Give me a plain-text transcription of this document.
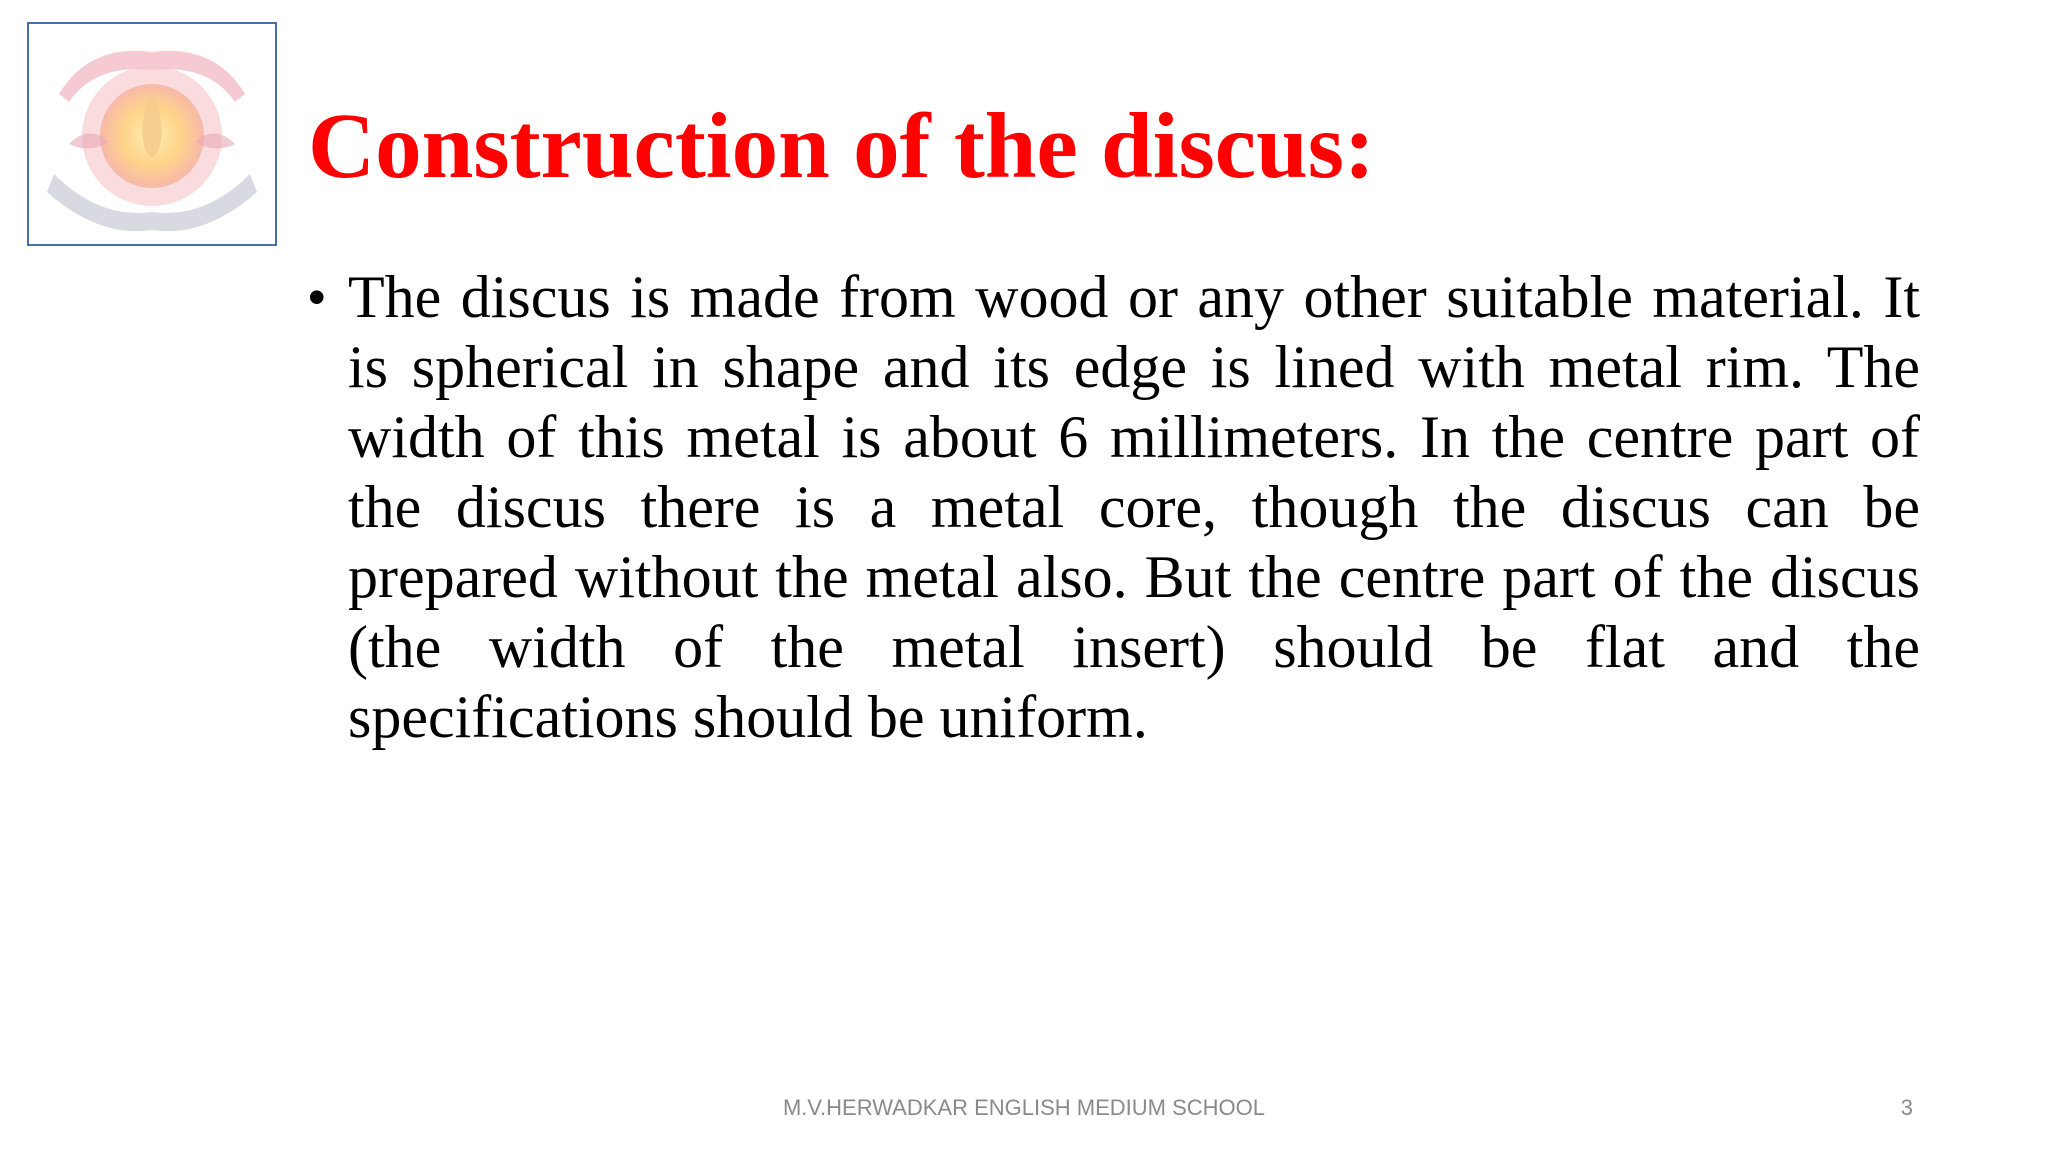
Construction of the discus:
• The discus is made from wood or any other suitable material. It is spherical in shape and its edge is lined with metal rim. The width of this metal is about 6 millimeters. In the centre part of the discus there is a metal core, though the discus can be prepared without the metal also. But the centre part of the discus (the width of the metal insert) should be flat and the specifications should be uniform.
M.V.HERWADKAR ENGLISH MEDIUM SCHOOL	3
